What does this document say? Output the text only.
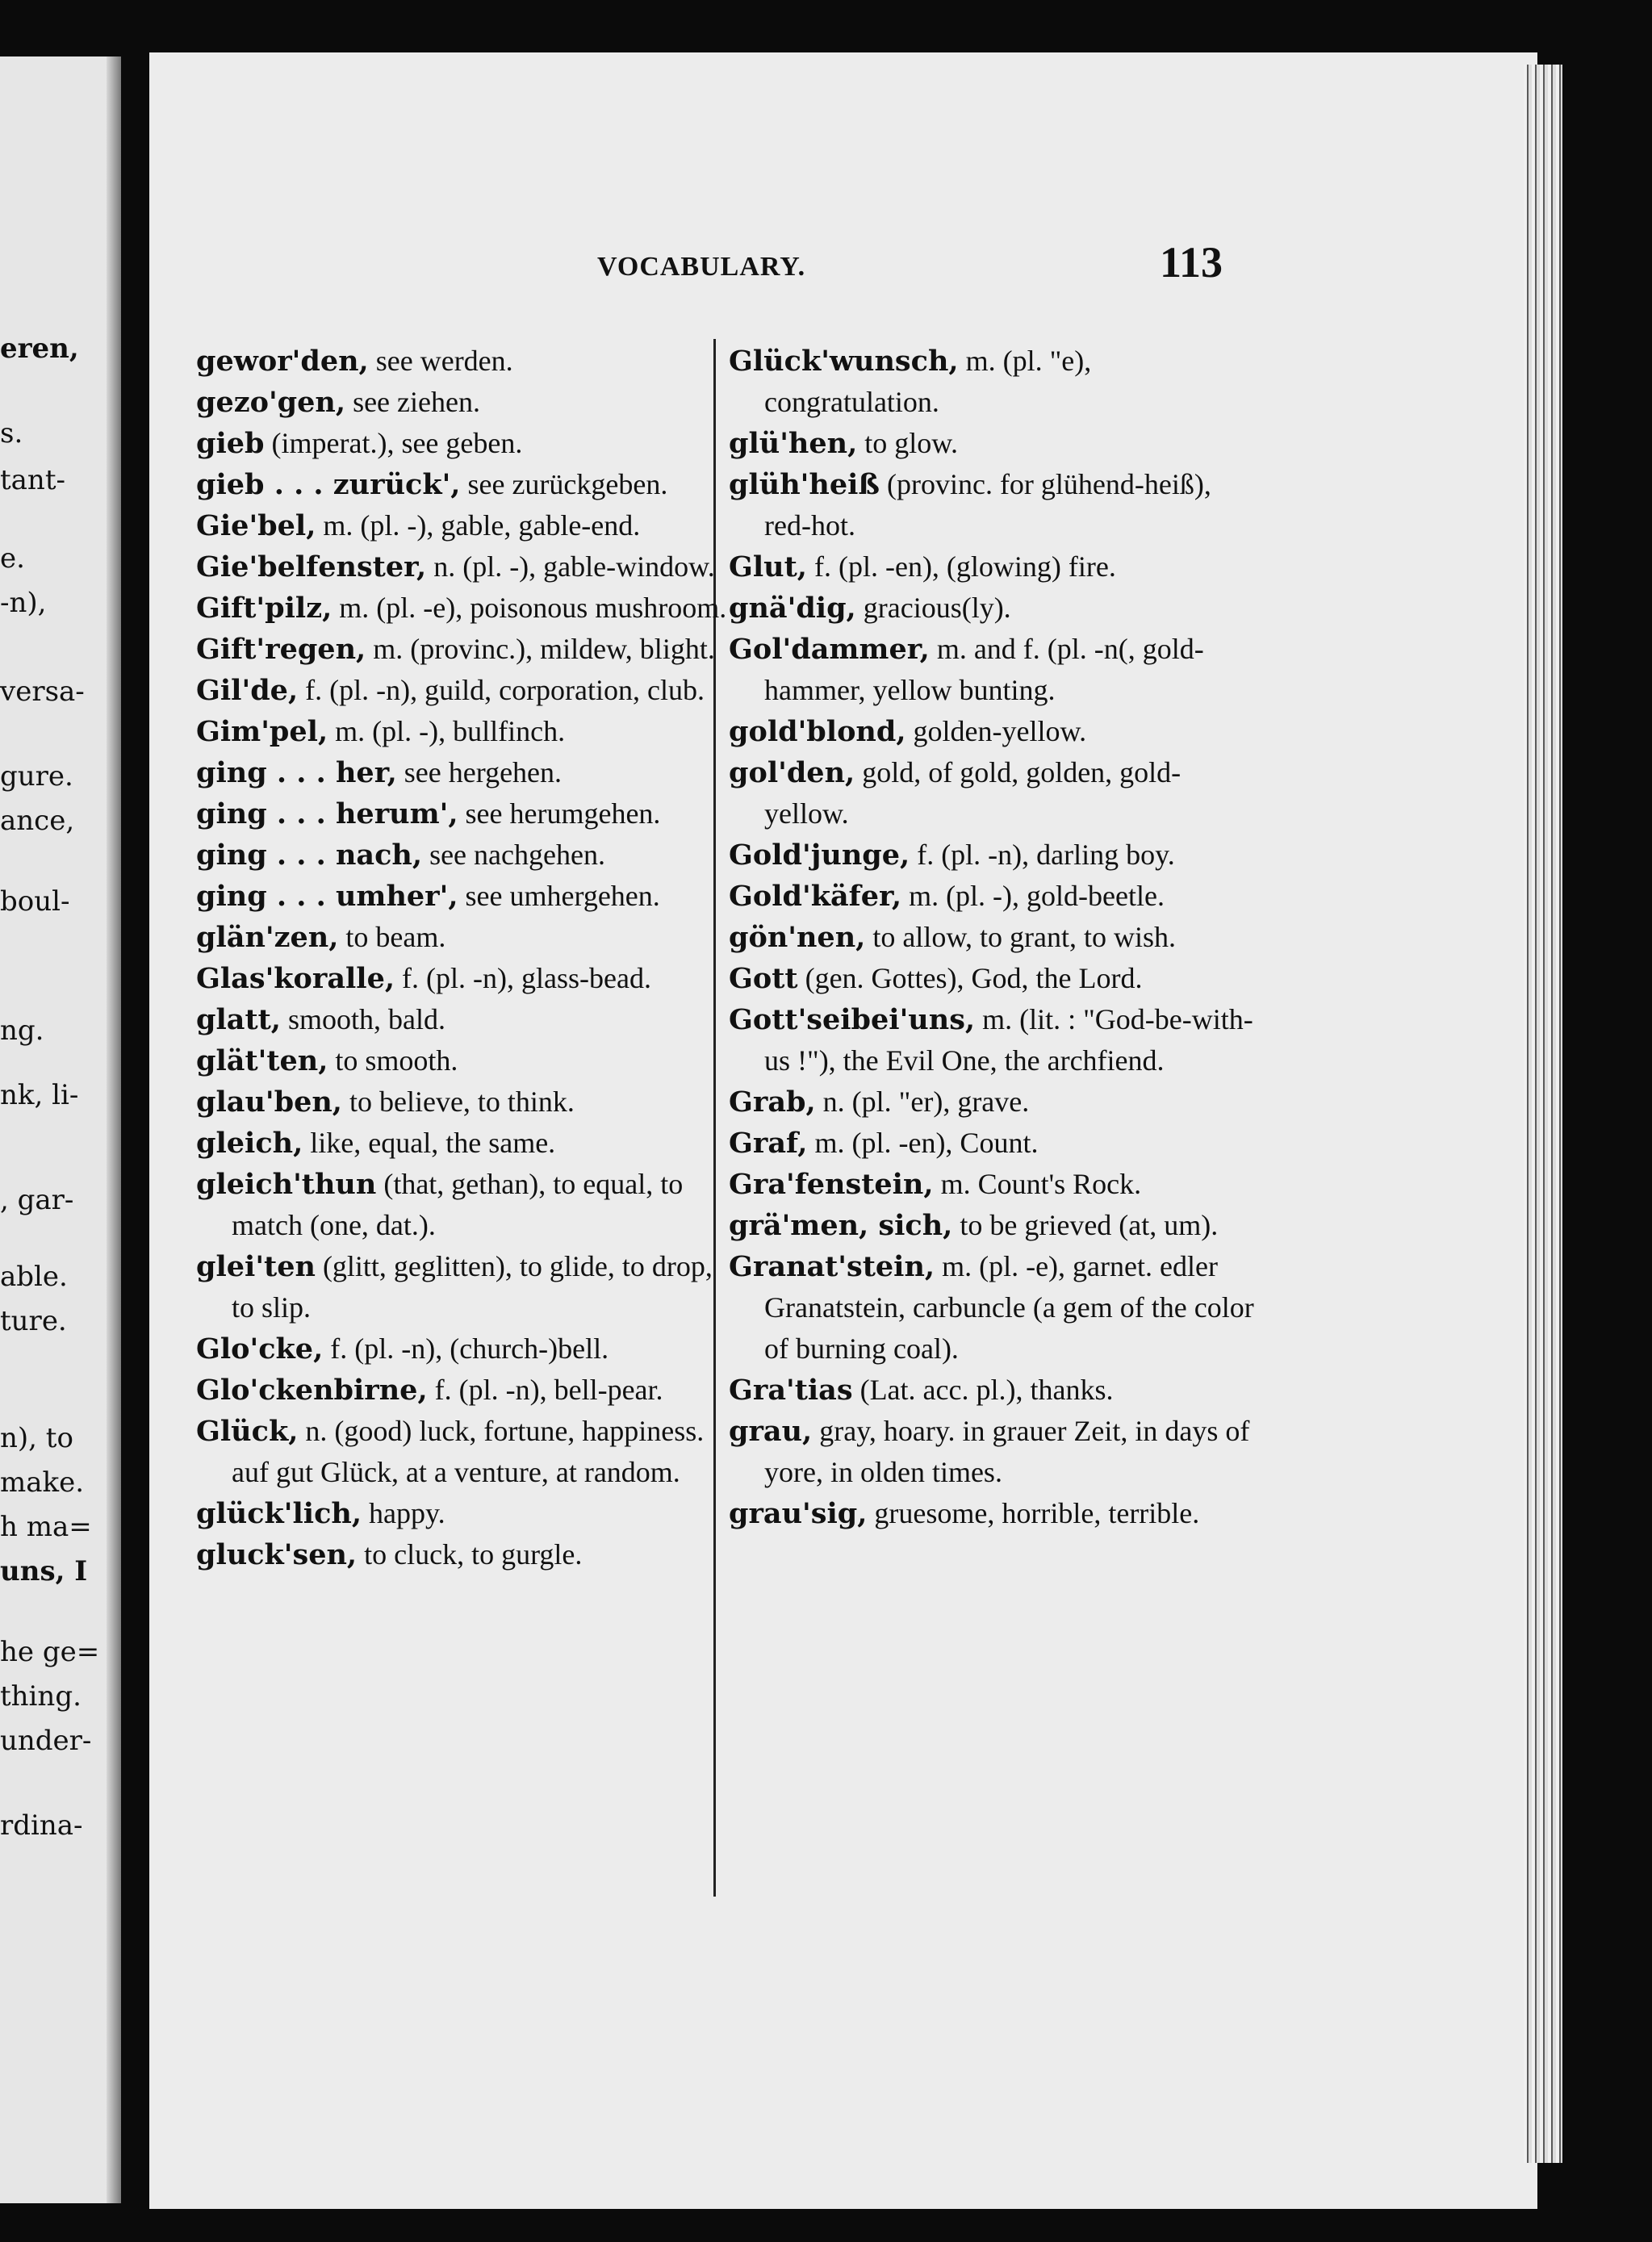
eren,
s.
tant-
e.
-n),
versa-
gure.
ance,
boul-
ng.
nk, li-
, gar-
able.
ture.
n), to
make.
h ma=
uns, I
he ge=
thing.
under-
rdina-
VOCABULARY.	113

gewor'den, see werden.

gezo'gen, see ziehen.

gieb (imperat.), see geben.

gieb . . . zurück', see zurückgeben.

Gie'bel, m. (pl. -), gable, gable-end.

Gie'belfenster, n. (pl. -), gable-window.

Gift'pilz, m. (pl. -e), poisonous mushroom.

Gift'regen, m. (provinc.), mildew, blight.

Gil'de, f. (pl. -n), guild, corporation, club.

Gim'pel, m. (pl. -), bullfinch.

ging . . . her, see hergehen.

ging . . . herum', see herumgehen.

ging . . . nach, see nachgehen.

ging . . . umher', see umhergehen.

glän'zen, to beam.

Glas'koralle, f. (pl. -n), glass-bead.

glatt, smooth, bald.

glät'ten, to smooth.

glau'ben, to believe, to think.

gleich, like, equal, the same.

gleich'thun (that, gethan), to equal, to match (one, dat.).

glei'ten (glitt, geglitten), to glide, to drop, to slip.

Glo'cke, f. (pl. -n), (church-)bell.

Glo'ckenbirne, f. (pl. -n), bell-pear.

Glück, n. (good) luck, fortune, happiness. auf gut Glück, at a venture, at random.

glück'lich, happy.

gluck'sen, to cluck, to gurgle.

Glück'wunsch, m. (pl. "e), congratulation.

glü'hen, to glow.

glüh'heiß (provinc. for glühend-heiß), red-hot.

Glut, f. (pl. -en), (glowing) fire.

gnä'dig, gracious(ly).

Gol'dammer, m. and f. (pl. -n(, gold-hammer, yellow bunting.

gold'blond, golden-yellow.

gol'den, gold, of gold, golden, gold-yellow.

Gold'junge, f. (pl. -n), darling boy.

Gold'käfer, m. (pl. -), gold-beetle.

gön'nen, to allow, to grant, to wish.

Gott (gen. Gottes), God, the Lord.

Gott'seibei'uns, m. (lit. : "God-be-with-us !"), the Evil One, the archfiend.

Grab, n. (pl. "er), grave.

Graf, m. (pl. -en), Count.

Gra'fenstein, m. Count's Rock.

grä'men, sich, to be grieved (at, um).

Granat'stein, m. (pl. -e), garnet. edler Granatstein, carbuncle (a gem of the color of burning coal).

Gra'tias (Lat. acc. pl.), thanks.

grau, gray, hoary. in grauer Zeit, in days of yore, in olden times.

grau'sig, gruesome, horrible, terrible.
